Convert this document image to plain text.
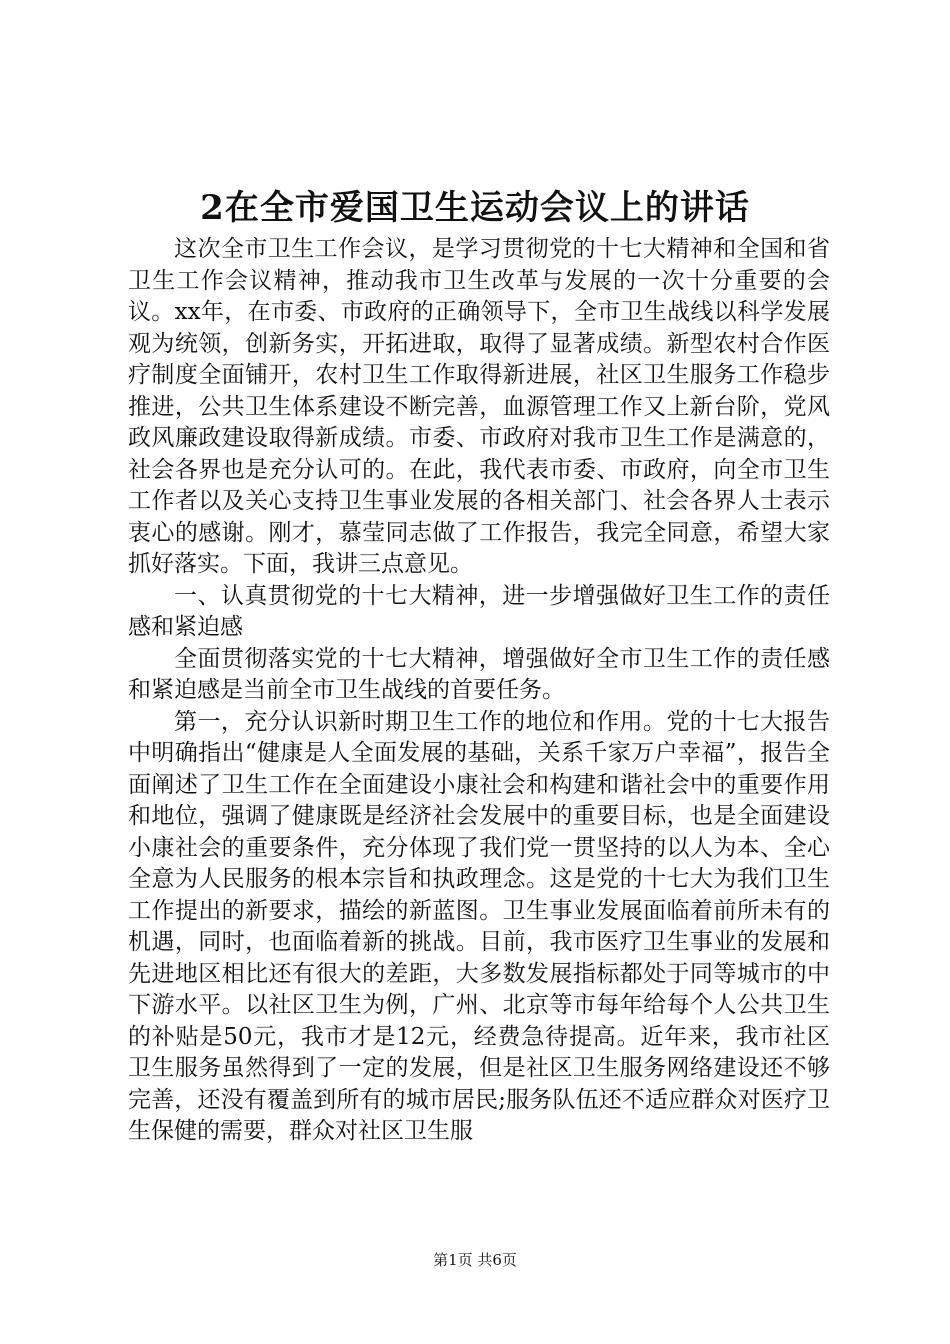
2在全市爱国卫生运动会议上的讲话

这次全市卫生工作会议，是学习贯彻党的十七大精神和全国和省卫生工作会议精神，推动我市卫生改革与发展的一次十分重要的会议。xx年，在市委、市政府的正确领导下，全市卫生战线以科学发展观为统领，创新务实，开拓进取，取得了显著成绩。新型农村合作医疗制度全面铺开，农村卫生工作取得新进展，社区卫生服务工作稳步推进，公共卫生体系建设不断完善，血源管理工作又上新台阶，党风政风廉政建设取得新成绩。市委、市政府对我市卫生工作是满意的，社会各界也是充分认可的。在此，我代表市委、市政府，向全市卫生工作者以及关心支持卫生事业发展的各相关部门、社会各界人士表示衷心的感谢。刚才，慕莹同志做了工作报告，我完全同意，希望大家抓好落实。下面，我讲三点意见。

一、认真贯彻党的十七大精神，进一步增强做好卫生工作的责任感和紧迫感

全面贯彻落实党的十七大精神，增强做好全市卫生工作的责任感和紧迫感是当前全市卫生战线的首要任务。

第一，充分认识新时期卫生工作的地位和作用。党的十七大报告中明确指出“健康是人全面发展的基础，关系千家万户幸福”，报告全面阐述了卫生工作在全面建设小康社会和构建和谐社会中的重要作用和地位，强调了健康既是经济社会发展中的重要目标，也是全面建设小康社会的重要条件，充分体现了我们党一贯坚持的以人为本、全心全意为人民服务的根本宗旨和执政理念。这是党的十七大为我们卫生工作提出的新要求，描绘的新蓝图。卫生事业发展面临着前所未有的机遇，同时，也面临着新的挑战。目前，我市医疗卫生事业的发展和先进地区相比还有很大的差距，大多数发展指标都处于同等城市的中下游水平。以社区卫生为例，广州、北京等市每年给每个人公共卫生的补贴是50元，我市才是12元，经费急待提高。近年来，我市社区卫生服务虽然得到了一定的发展，但是社区卫生服务网络建设还不够完善，还没有覆盖到所有的城市居民;服务队伍还不适应群众对医疗卫生保健的需要，群众对社区卫生服

第1页 共6页
